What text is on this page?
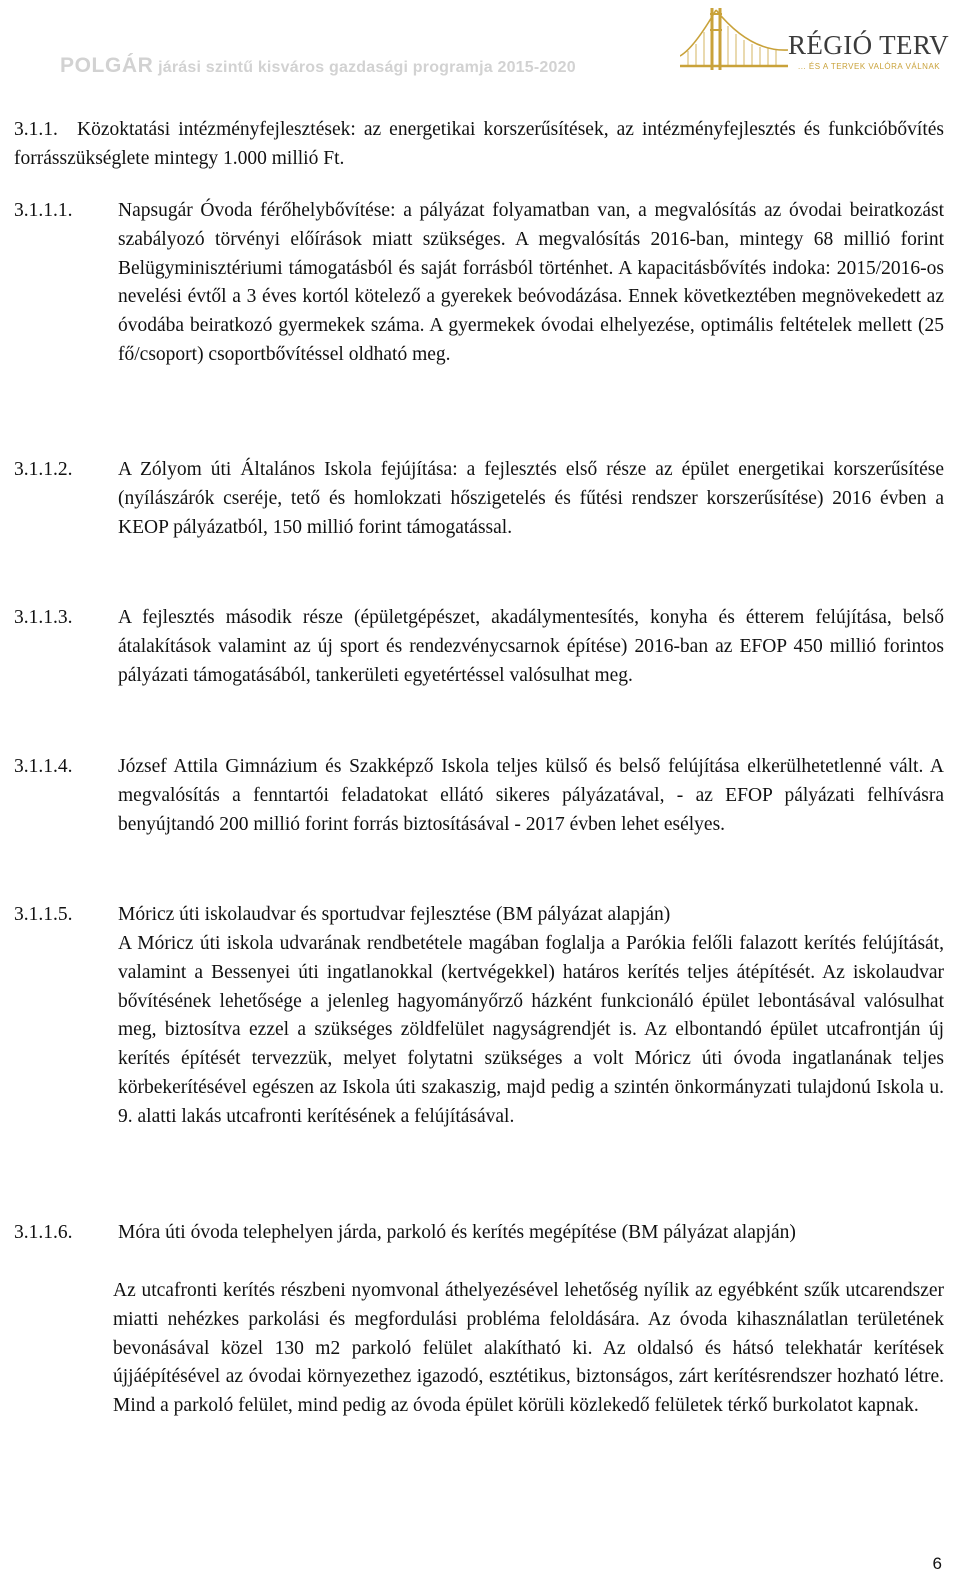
POLGÁR járási szintű kisváros gazdasági programja 2015-2020
RÉGIÓ TERV
... ÉS A TERVEK VALÓRA VÁLNAK

3.1.1. Közoktatási intézményfejlesztések: az energetikai korszerűsítések, az intézményfejlesztés és funkcióbővítés forrásszükséglete mintegy 1.000 millió Ft.

3.1.1.1. Napsugár Óvoda férőhelybővítése: a pályázat folyamatban van, a megvalósítás az óvodai beiratkozást szabályozó törvényi előírások miatt szükséges. A megvalósítás 2016-ban, mintegy 68 millió forint Belügyminisztériumi támogatásból és saját forrásból történhet. A kapacitásbővítés indoka: 2015/2016-os nevelési évtől a 3 éves kortól kötelező a gyerekek beóvodázása. Ennek következtében megnövekedett az óvodába beiratkozó gyermekek száma. A gyermekek óvodai elhelyezése, optimális feltételek mellett (25 fő/csoport) csoportbővítéssel oldható meg.

3.1.1.2. A Zólyom úti Általános Iskola fejújítása: a fejlesztés első része az épület energetikai korszerűsítése (nyílászárók cseréje, tető és homlokzati hőszigetelés és fűtési rendszer korszerűsítése) 2016 évben a KEOP pályázatból, 150 millió forint támogatással.

3.1.1.3. A fejlesztés második része (épületgépészet, akadálymentesítés, konyha és étterem felújítása, belső átalakítások valamint az új sport és rendezvénycsarnok építése) 2016-ban az EFOP 450 millió forintos pályázati támogatásából, tankerületi egyetértéssel valósulhat meg.

3.1.1.4. József Attila Gimnázium és Szakképző Iskola teljes külső és belső felújítása elkerülhetetlenné vált. A megvalósítás a fenntartói feladatokat ellátó sikeres pályázatával, - az EFOP pályázati felhívásra benyújtandó 200 millió forint forrás biztosításával - 2017 évben lehet esélyes.

3.1.1.5. Móricz úti iskolaudvar és sportudvar fejlesztése (BM pályázat alapján)

A Móricz úti iskola udvarának rendbetétele magában foglalja a Parókia felőli falazott kerítés felújítását, valamint a Bessenyei úti ingatlanokkal (kertvégekkel) határos kerítés teljes átépítését. Az iskolaudvar bővítésének lehetősége a jelenleg hagyományőrző házként funkcionáló épület lebontásával valósulhat meg, biztosítva ezzel a szükséges zöldfelület nagyságrendjét is. Az elbontandó épület utcafrontján új kerítés építését tervezzük, melyet folytatni szükséges a volt Móricz úti óvoda ingatlanának teljes körbekerítésével egészen az Iskola úti szakaszig, majd pedig a szintén önkormányzati tulajdonú Iskola u. 9. alatti lakás utcafronti kerítésének a felújításával.

3.1.1.6. Móra úti óvoda telephelyen járda, parkoló és kerítés megépítése (BM pályázat alapján)

Az utcafronti kerítés részbeni nyomvonal áthelyezésével lehetőség nyílik az egyébként szűk utcarendszer miatti nehézkes parkolási és megfordulási probléma feloldására. Az óvoda kihasználatlan területének bevonásával közel 130 m2 parkoló felület alakítható ki. Az oldalsó és hátsó telekhatár kerítések újjáépítésével az óvodai környezethez igazodó, esztétikus, biztonságos, zárt kerítésrendszer hozható létre. Mind a parkoló felület, mind pedig az óvoda épület körüli közlekedő felületek térkő burkolatot kapnak.

6
